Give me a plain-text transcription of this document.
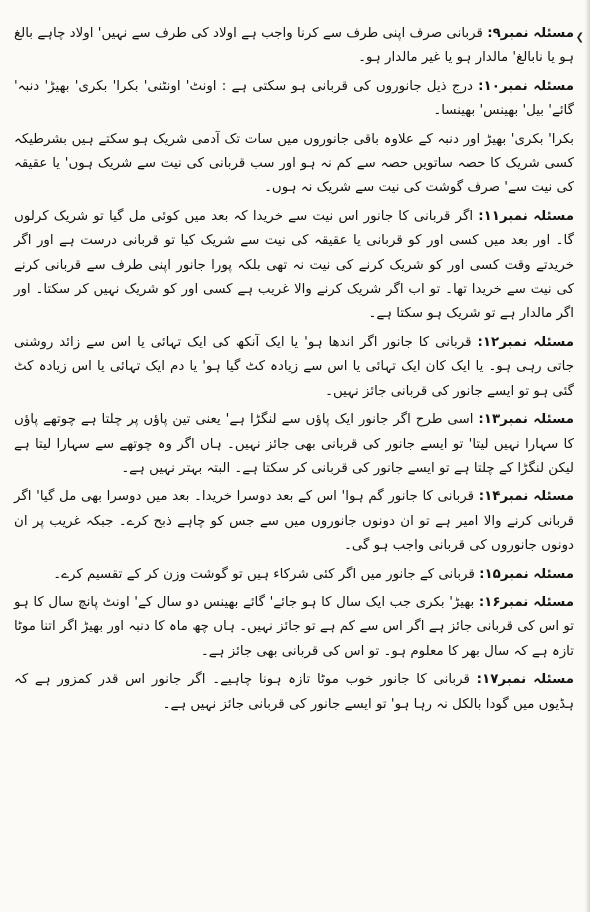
❮
مسئلہ نمبر۹: قربانی صرف اپنی طرف سے کرنا واجب ہے اولاد کی طرف سے نہیں' اولاد چاہے بالغ ہو یا نابالغ' مالدار ہو یا غیر مالدار ہو۔
مسئلہ نمبر۱۰: درج ذیل جانوروں کی قربانی ہو سکتی ہے : اونٹ' اونٹنی' بکرا' بکری' بھیڑ' دنبہ' گائے' بیل' بھینس' بھینسا۔
بکرا' بکری' بھیڑ اور دنبہ کے علاوہ باقی جانوروں میں سات تک آدمی شریک ہو سکتے ہیں بشرطیکہ کسی شریک کا حصہ ساتویں حصہ سے کم نہ ہو اور سب قربانی کی نیت سے شریک ہوں' یا عقیقہ کی نیت سے' صرف گوشت کی نیت سے شریک نہ ہوں۔
مسئلہ نمبر۱۱: اگر قربانی کا جانور اس نیت سے خریدا کہ بعد میں کوئی مل گیا تو شریک کرلوں گا۔ اور بعد میں کسی اور کو قربانی یا عقیقہ کی نیت سے شریک کیا تو قربانی درست ہے اور اگر خریدتے وقت کسی اور کو شریک کرنے کی نیت نہ تھی بلکہ پورا جانور اپنی طرف سے قربانی کرنے کی نیت سے خریدا تھا۔ تو اب اگر شریک کرنے والا غریب ہے کسی اور کو شریک نہیں کر سکتا۔ اور اگر مالدار ہے تو شریک ہو سکتا ہے۔
مسئلہ نمبر۱۲: قربانی کا جانور اگر اندھا ہو' یا ایک آنکھ کی ایک تہائی یا اس سے زائد روشنی جاتی رہی ہو۔ یا ایک کان ایک تہائی یا اس سے زیادہ کٹ گیا ہو' یا دم ایک تہائی یا اس زیادہ کٹ گئی ہو تو ایسے جانور کی قربانی جائز نہیں۔
مسئلہ نمبر۱۳: اسی طرح اگر جانور ایک پاؤں سے لنگڑا ہے' یعنی تین پاؤں پر چلتا ہے چوتھے پاؤں کا سہارا نہیں لیتا' تو ایسے جانور کی قربانی بھی جائز نہیں۔ ہاں اگر وہ چوتھے سے سہارا لیتا ہے لیکن لنگڑا کے چلتا ہے تو ایسے جانور کی قربانی کر سکتا ہے۔ البتہ بہتر نہیں ہے۔
مسئلہ نمبر۱۴: قربانی کا جانور گم ہوا' اس کے بعد دوسرا خریدا۔ بعد میں دوسرا بھی مل گیا' اگر قربانی کرنے والا امیر ہے تو ان دونوں جانوروں میں سے جس کو چاہے ذبح کرے۔ جبکہ غریب پر ان دونوں جانوروں کی قربانی واجب ہو گی۔
مسئلہ نمبر۱۵: قربانی کے جانور میں اگر کئی شرکاء ہیں تو گوشت وزن کر کے تقسیم کرے۔
مسئلہ نمبر۱۶: بھیڑ' بکری جب ایک سال کا ہو جائے' گائے بھینس دو سال کے' اونٹ پانچ سال کا ہو تو اس کی قربانی جائز ہے اگر اس سے کم ہے تو جائز نہیں۔ ہاں چھ ماہ کا دنبہ اور بھیڑ اگر اتنا موٹا تازہ ہے کہ سال بھر کا معلوم ہو۔ تو اس کی قربانی بھی جائز ہے۔
مسئلہ نمبر۱۷: قربانی کا جانور خوب موٹا تازہ ہونا چاہیے۔ اگر جانور اس قدر کمزور ہے کہ ہڈیوں میں گودا بالکل نہ رہا ہو' تو ایسے جانور کی قربانی جائز نہیں ہے۔
